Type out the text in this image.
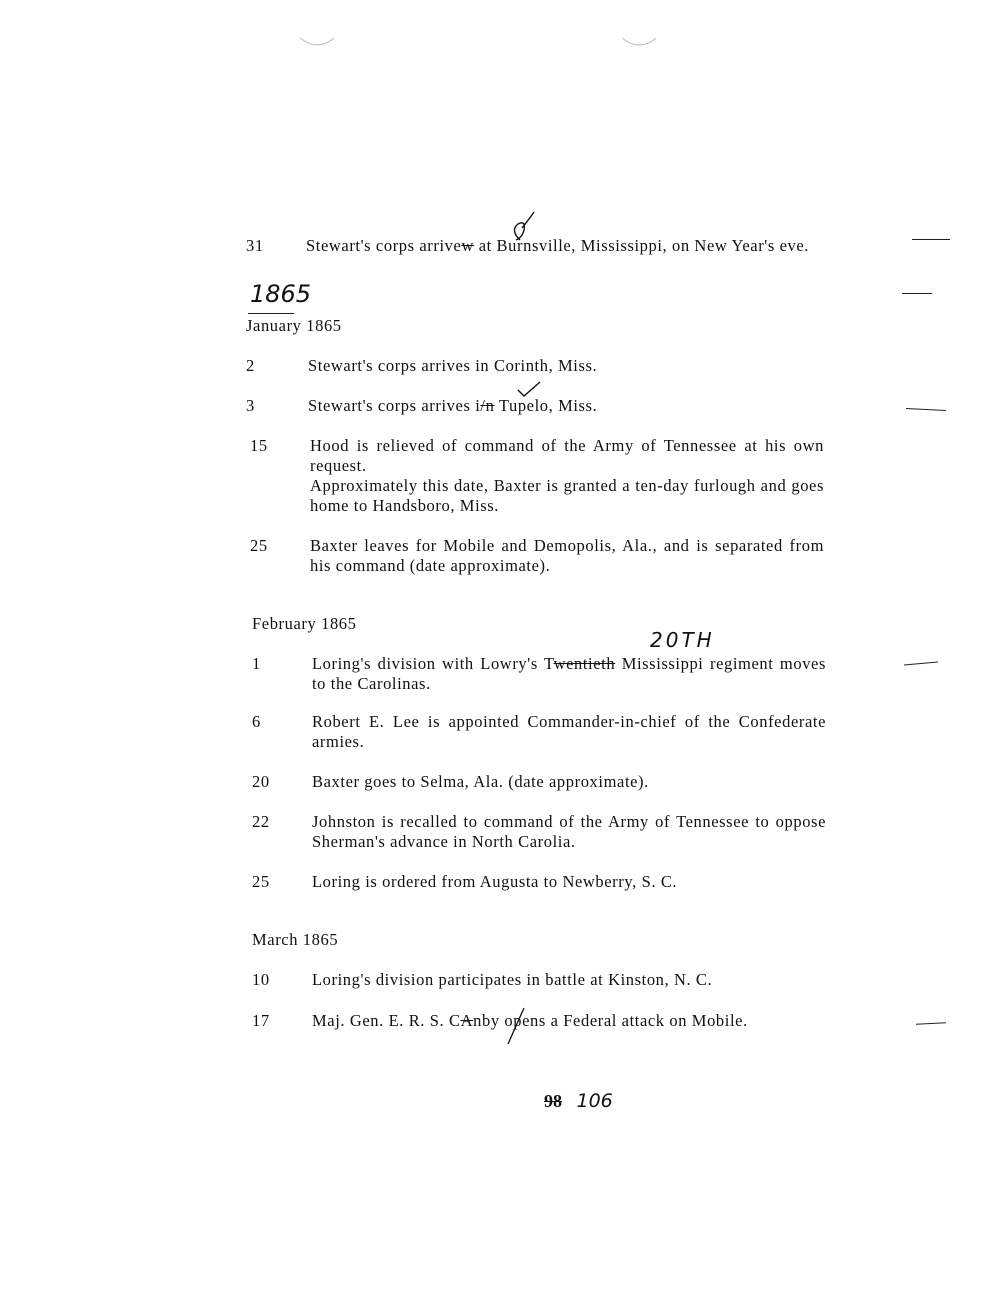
31	Stewart's corps arrivew at Burnsville, Mississippi, on New Year's eve.
1865
January 1865
2	Stewart's corps arrives in Corinth, Miss.
3	Stewart's corps arrives i/n Tupelo, Miss.
15	Hood is relieved of command of the Army of Tennessee at his own request.
Approximately this date, Baxter is granted a ten-day furlough and goes home to Handsboro, Miss.
25	Baxter leaves for Mobile and Demopolis, Ala., and is separated from his command (date approximate).
February 1865
20TH
1	Loring's division with Lowry's Twentieth Mississippi regiment moves to the Carolinas.
6	Robert E. Lee is appointed Commander-in-chief of the Confederate armies.
20	Baxter goes to Selma, Ala. (date approximate).
22	Johnston is recalled to command of the Army of Tennessee to oppose Sherman's advance in North Carolia.
25	Loring is ordered from Augusta to Newberry, S. C.
March 1865
10	Loring's division participates in battle at Kinston, N. C.
17	Maj. Gen. E. R. S. CAnby opens a Federal attack on Mobile.
98 106
